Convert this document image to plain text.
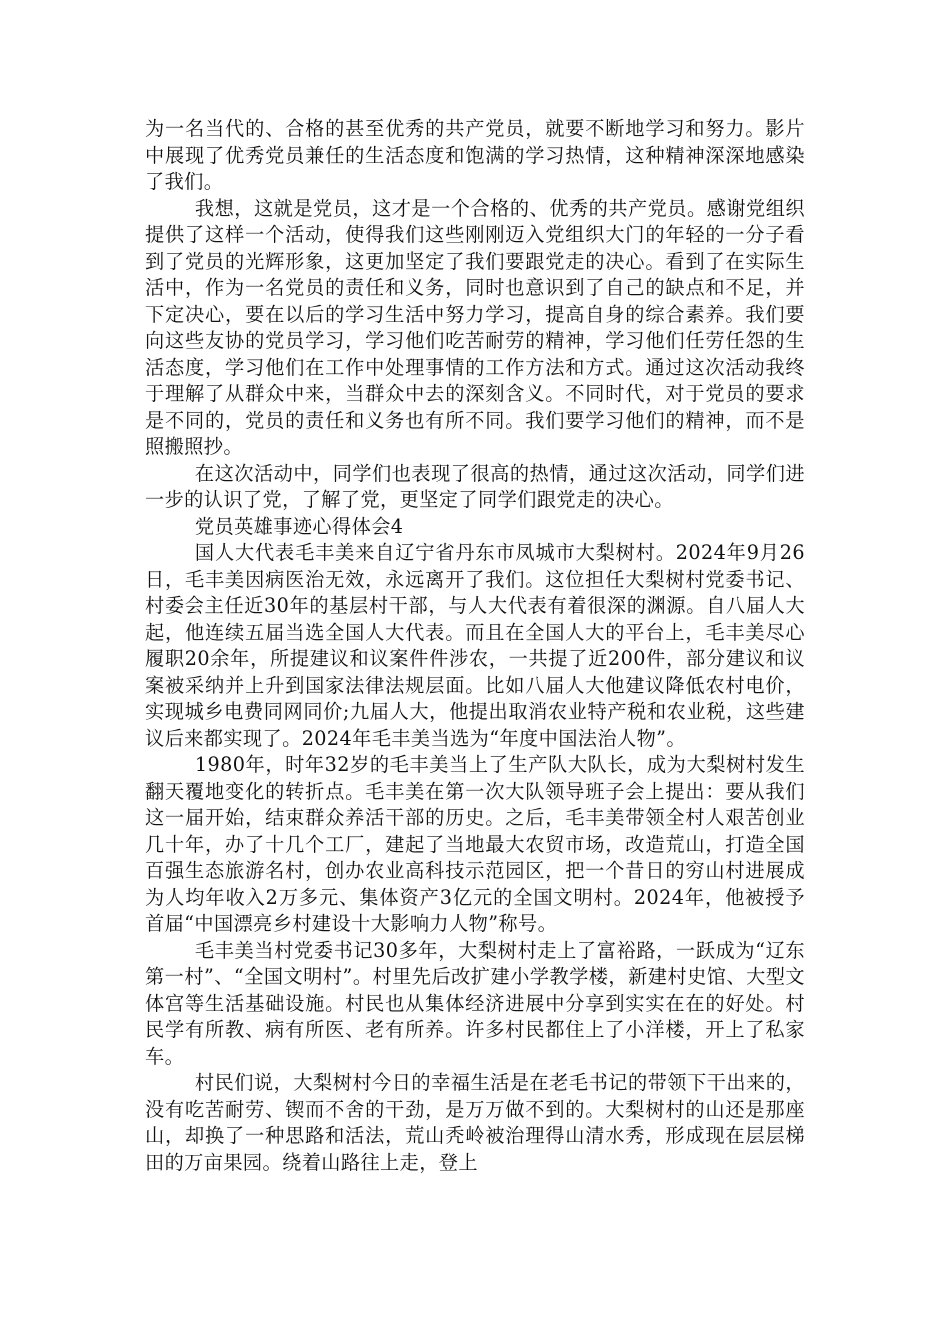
为一名当代的、合格的甚至优秀的共产党员，就要不断地学习和努力。影片中展现了优秀党员兼任的生活态度和饱满的学习热情，这种精神深深地感染了我们。

我想，这就是党员，这才是一个合格的、优秀的共产党员。感谢党组织提供了这样一个活动，使得我们这些刚刚迈入党组织大门的年轻的一分子看到了党员的光辉形象，这更加坚定了我们要跟党走的决心。看到了在实际生活中，作为一名党员的责任和义务，同时也意识到了自己的缺点和不足，并下定决心，要在以后的学习生活中努力学习，提高自身的综合素养。我们要向这些友协的党员学习，学习他们吃苦耐劳的精神，学习他们任劳任怨的生活态度，学习他们在工作中处理事情的工作方法和方式。通过这次活动我终于理解了从群众中来，当群众中去的深刻含义。不同时代，对于党员的要求是不同的，党员的责任和义务也有所不同。我们要学习他们的精神，而不是照搬照抄。

在这次活动中，同学们也表现了很高的热情，通过这次活动，同学们进一步的认识了党，了解了党，更坚定了同学们跟党走的决心。

党员英雄事迹心得体会4

国人大代表毛丰美来自辽宁省丹东市凤城市大梨树村。2024年9月26日，毛丰美因病医治无效，永远离开了我们。这位担任大梨树村党委书记、村委会主任近30年的基层村干部，与人大代表有着很深的渊源。自八届人大起，他连续五届当选全国人大代表。而且在全国人大的平台上，毛丰美尽心履职20余年，所提建议和议案件件涉农，一共提了近200件，部分建议和议案被采纳并上升到国家法律法规层面。比如八届人大他建议降低农村电价，实现城乡电费同网同价;九届人大，他提出取消农业特产税和农业税，这些建议后来都实现了。2024年毛丰美当选为“年度中国法治人物”。

1980年，时年32岁的毛丰美当上了生产队大队长，成为大梨树村发生翻天覆地变化的转折点。毛丰美在第一次大队领导班子会上提出：要从我们这一届开始，结束群众养活干部的历史。之后，毛丰美带领全村人艰苦创业几十年，办了十几个工厂，建起了当地最大农贸市场，改造荒山，打造全国百强生态旅游名村，创办农业高科技示范园区，把一个昔日的穷山村进展成为人均年收入2万多元、集体资产3亿元的全国文明村。2024年，他被授予首届“中国漂亮乡村建设十大影响力人物”称号。

毛丰美当村党委书记30多年，大梨树村走上了富裕路，一跃成为“辽东第一村”、“全国文明村”。村里先后改扩建小学教学楼，新建村史馆、大型文体宫等生活基础设施。村民也从集体经济进展中分享到实实在在的好处。村民学有所教、病有所医、老有所养。许多村民都住上了小洋楼，开上了私家车。

村民们说，大梨树村今日的幸福生活是在老毛书记的带领下干出来的，没有吃苦耐劳、锲而不舍的干劲，是万万做不到的。大梨树村的山还是那座山，却换了一种思路和活法，荒山秃岭被治理得山清水秀，形成现在层层梯田的万亩果园。绕着山路往上走，登上
